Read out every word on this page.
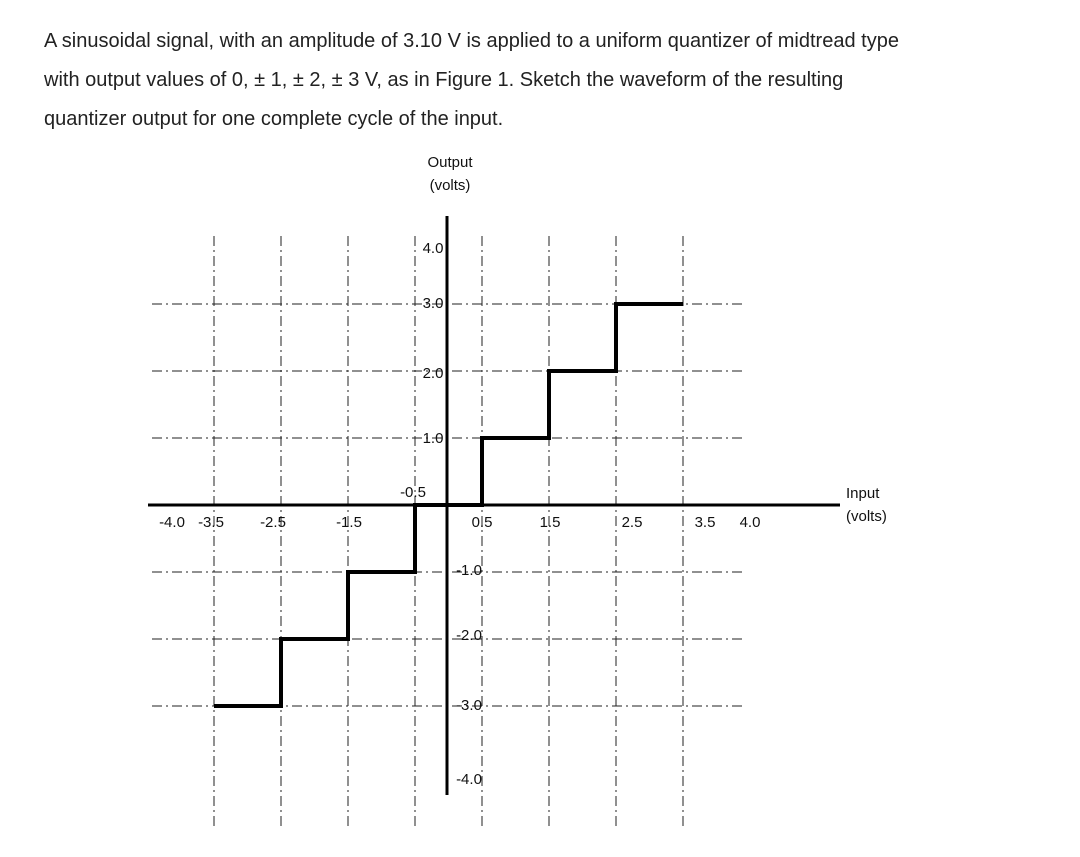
A sinusoidal signal, with an amplitude of 3.10 V is applied to a uniform quantizer of midtread type
with output values of 0, ± 1, ± 2, ± 3 V, as in Figure 1. Sketch the waveform of the resulting
quantizer output for one complete cycle of the input.
-4.0 -3.5 -2.5	-1.5
-0.5
0.5	1.5	2.5	3.5 4.0
4.0
3.0
2.0
1.0
-1.0
-2.0
-3.0
-4.0
Output
(volts)
Input
(volts)
